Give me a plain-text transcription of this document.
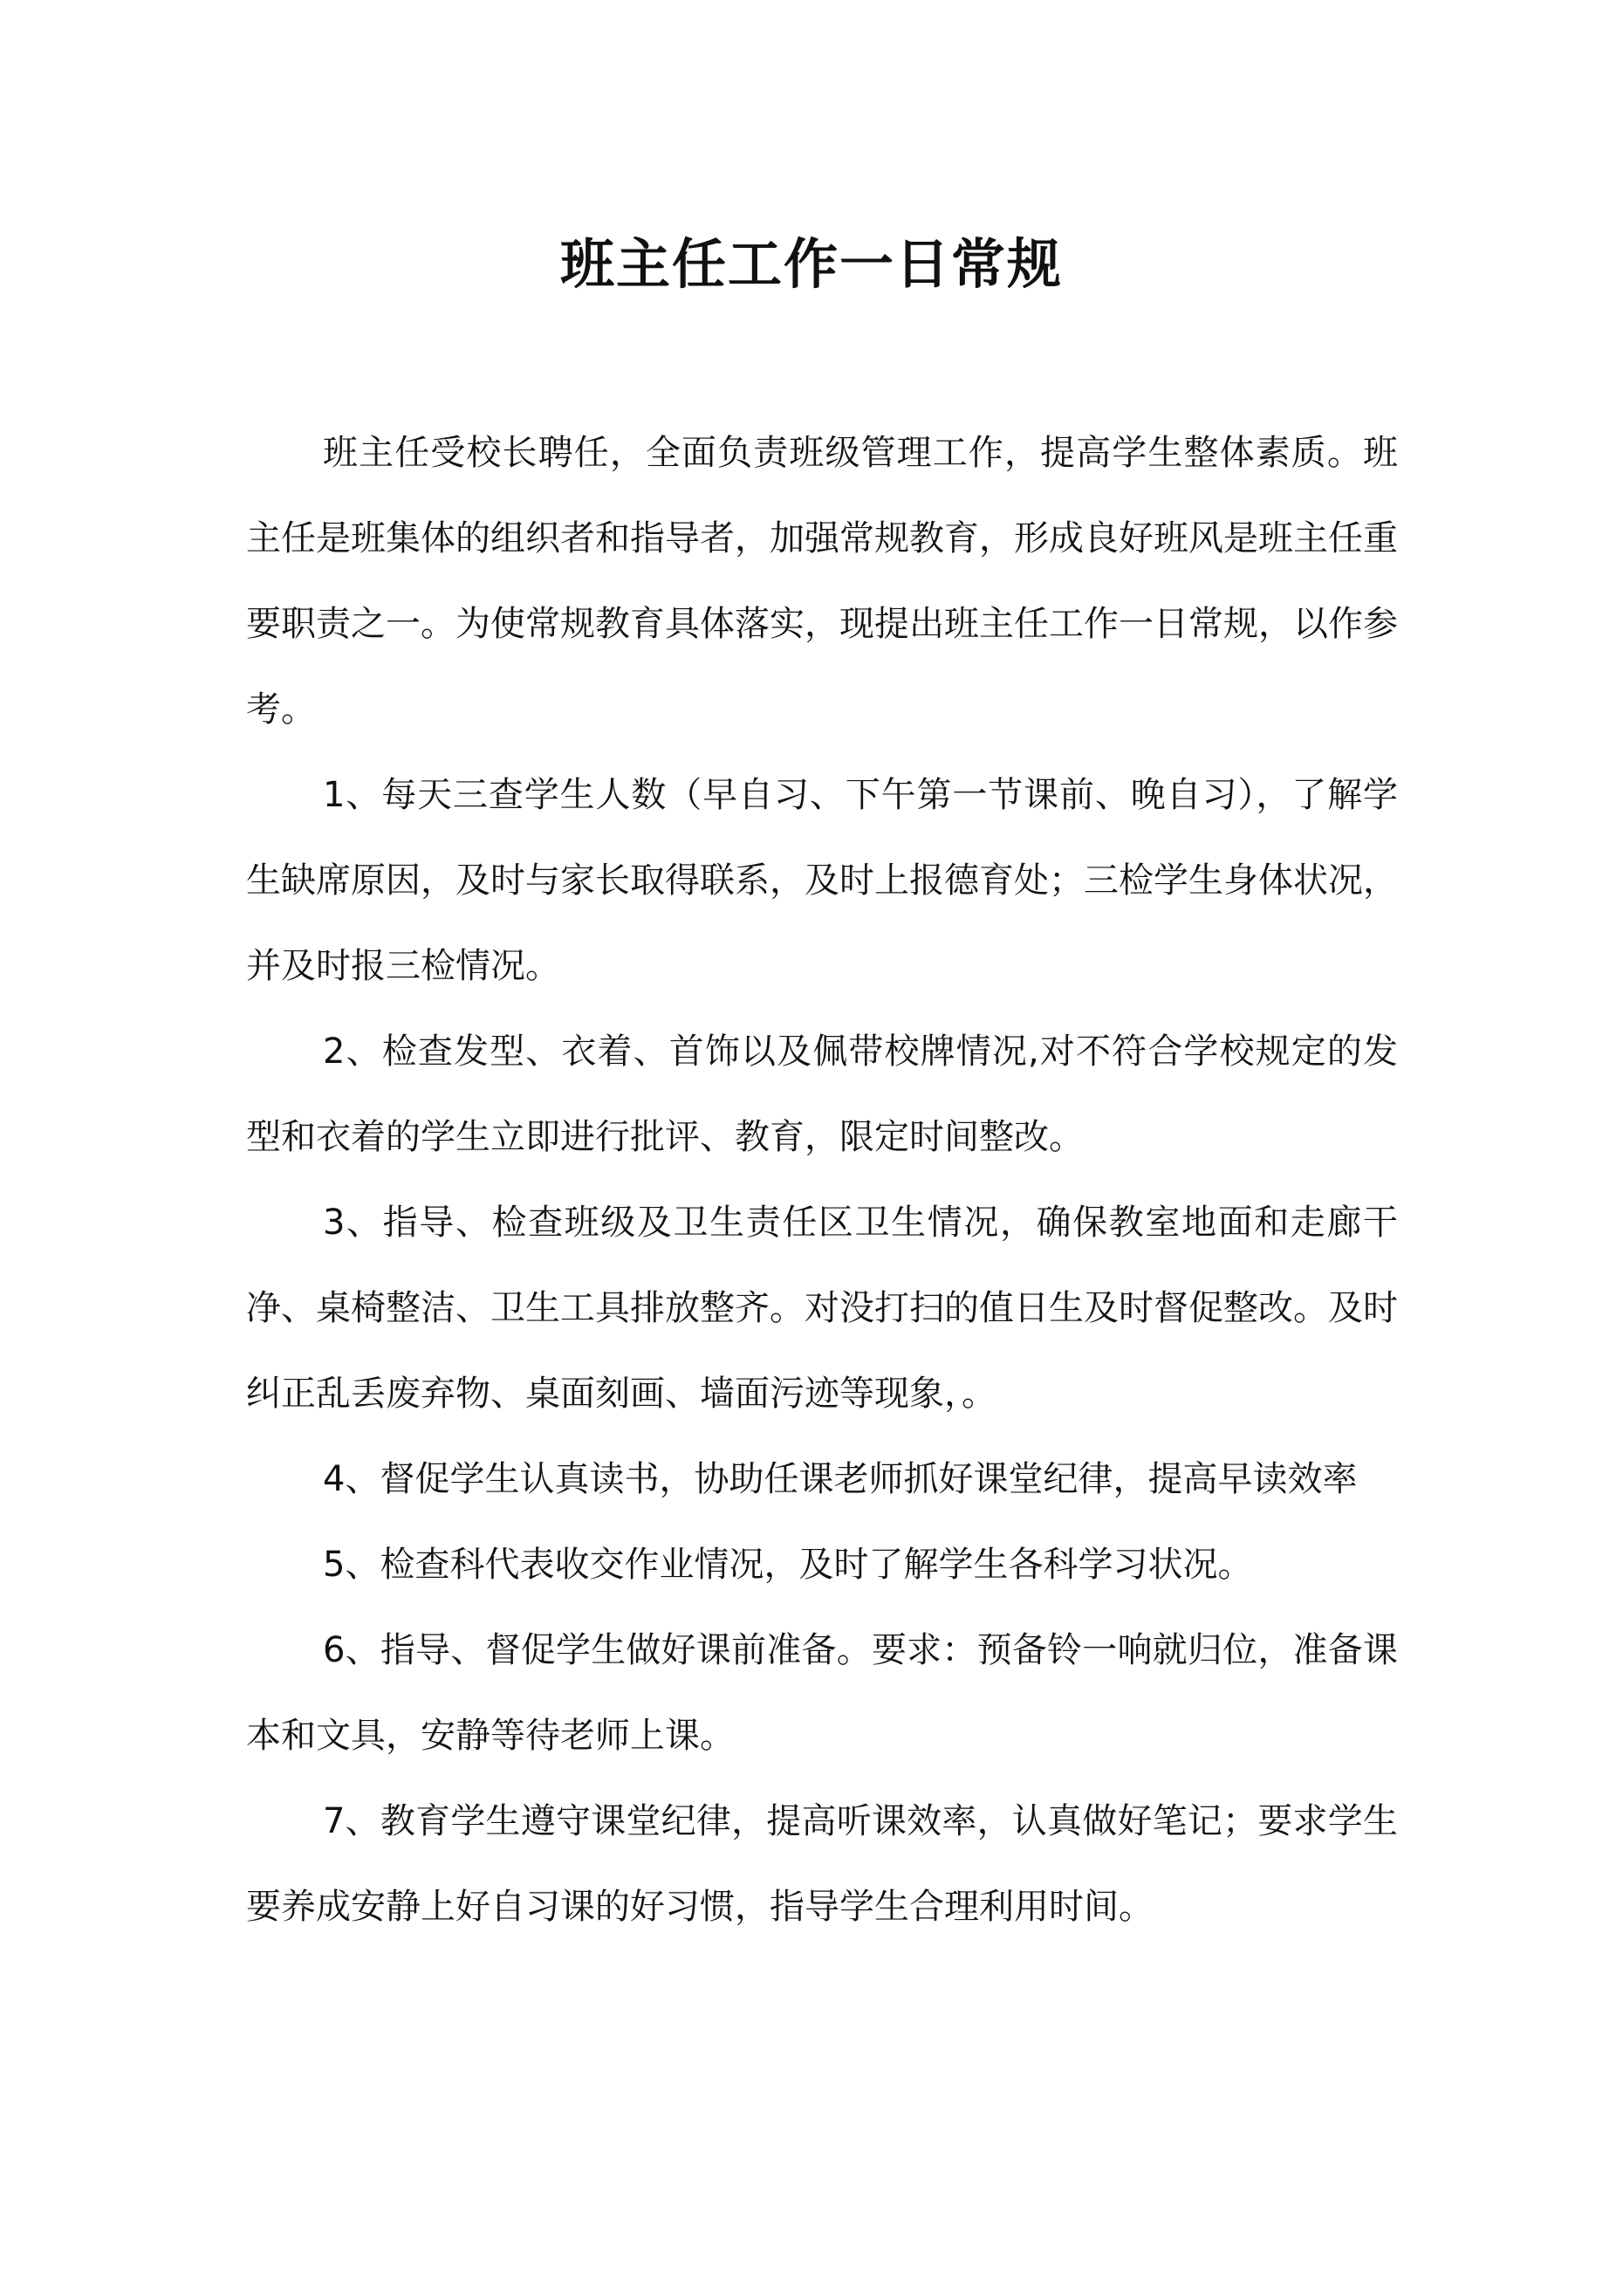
班主任工作一日常规

班主任受校长聘任，全面负责班级管理工作，提高学生整体素质。班主任是班集体的组织者和指导者，加强常规教育，形成良好班风是班主任重要职责之一。为使常规教育具体落实，现提出班主任工作一日常规，以作参考。

1、每天三查学生人数（早自习、下午第一节课前、晚自习），了解学生缺席原因，及时与家长取得联系，及时上报德育处；三检学生身体状况，并及时报三检情况。

2、检查发型、衣着、首饰以及佩带校牌情况,对不符合学校规定的发型和衣着的学生立即进行批评、教育，限定时间整改。

3、指导、检查班级及卫生责任区卫生情况，确保教室地面和走廊干净、桌椅整洁、卫生工具排放整齐。对没打扫的值日生及时督促整改。及时纠正乱丢废弃物、桌面刻画、墙面污迹等现象，。

4、督促学生认真读书，协助任课老师抓好课堂纪律，提高早读效率

5、检查科代表收交作业情况，及时了解学生各科学习状况。

6、指导、督促学生做好课前准备。要求：预备铃一响就归位，准备课本和文具，安静等待老师上课。

7、教育学生遵守课堂纪律，提高听课效率，认真做好笔记；要求学生要养成安静上好自习课的好习惯，指导学生合理利用时间。
